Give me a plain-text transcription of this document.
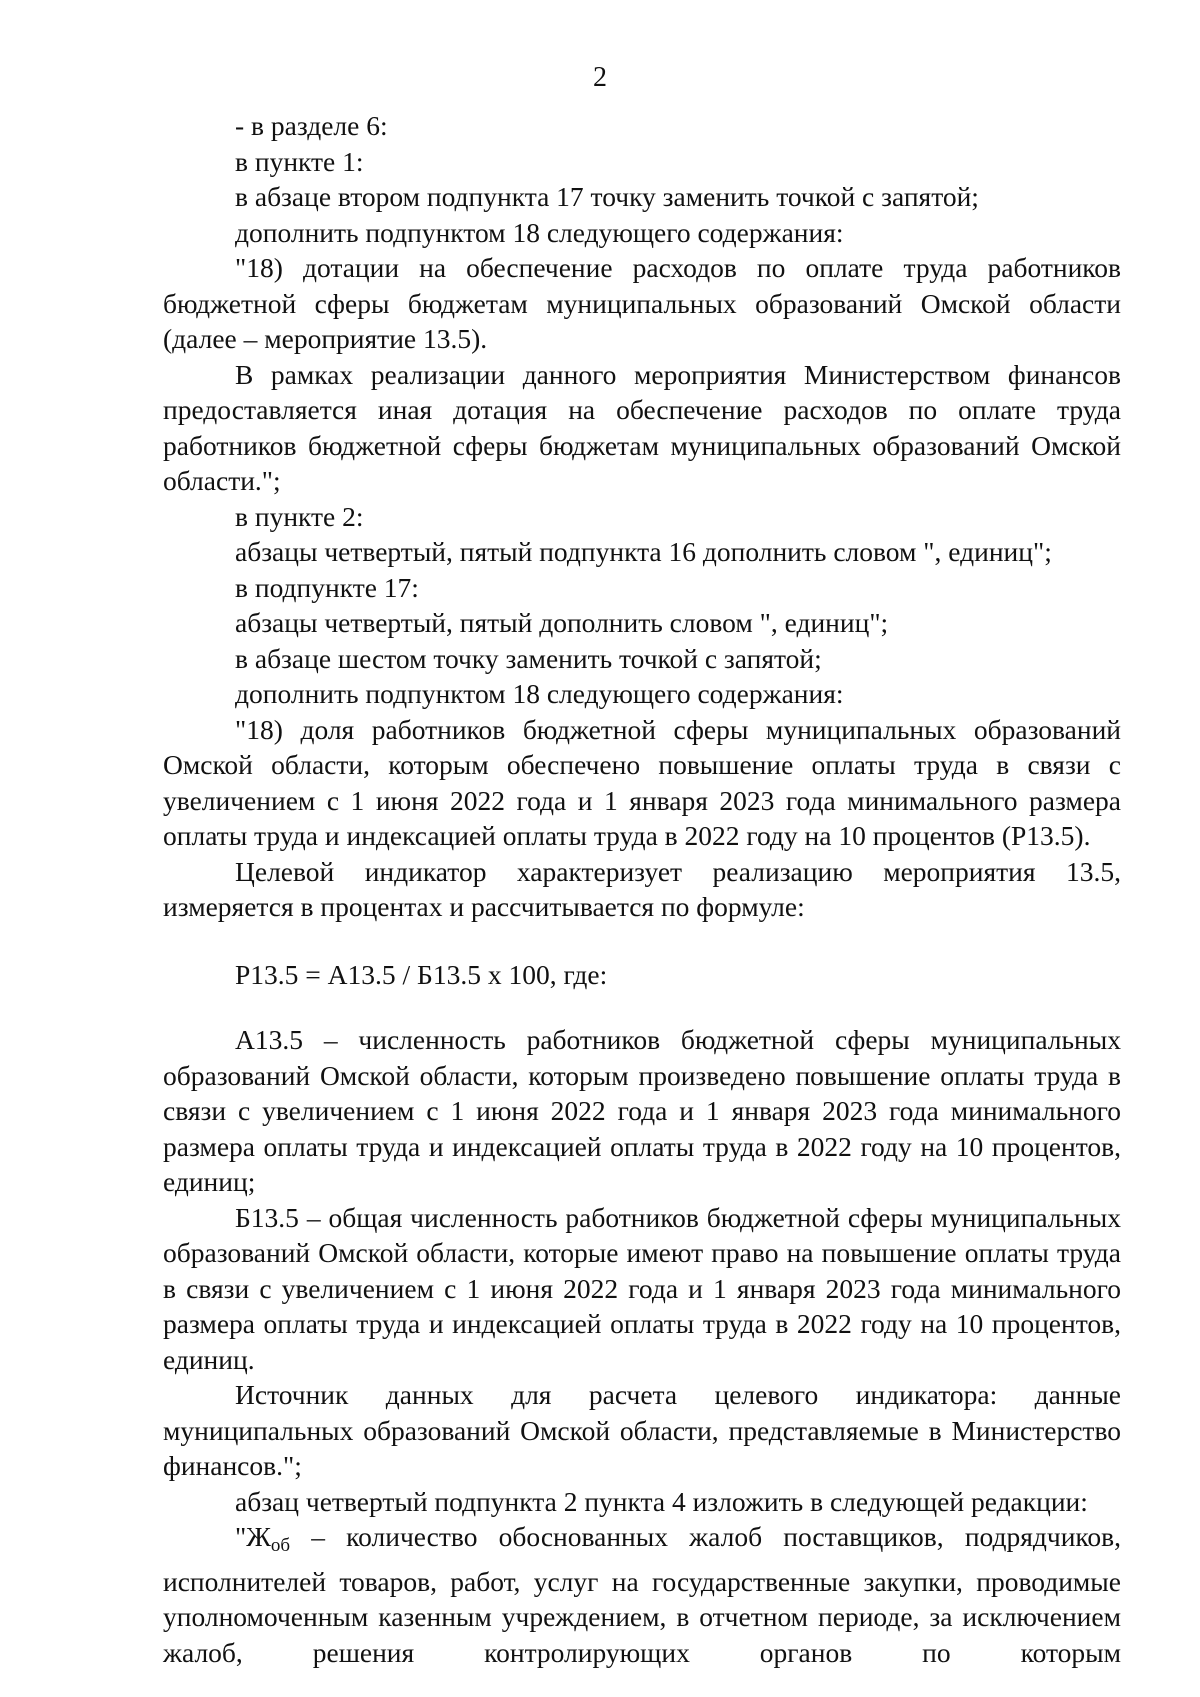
2

- в разделе 6:

в пункте 1:

в абзаце втором подпункта 17 точку заменить точкой с запятой;

дополнить подпунктом 18 следующего содержания:

"18) дотации на обеспечение расходов по оплате труда работников бюджетной сферы бюджетам муниципальных образований Омской области (далее – мероприятие 13.5).

В рамках реализации данного мероприятия Министерством финансов предоставляется иная дотация на обеспечение расходов по оплате труда работников бюджетной сферы бюджетам муниципальных образований Омской области.";

в пункте 2:

абзацы четвертый, пятый подпункта 16 дополнить словом ", единиц";

в подпункте 17:

абзацы четвертый, пятый дополнить словом ", единиц";

в абзаце шестом точку заменить точкой с запятой;

дополнить подпунктом 18 следующего содержания:

"18) доля работников бюджетной сферы муниципальных образований Омской области, которым обеспечено повышение оплаты труда в связи с увеличением с 1 июня 2022 года и 1 января 2023 года минимального размера оплаты труда и индексацией оплаты труда в 2022 году на 10 процентов (Р13.5).

Целевой индикатор характеризует реализацию мероприятия 13.5, измеряется в процентах и рассчитывается по формуле:

Р13.5 = А13.5 / Б13.5 x 100, где:

А13.5 – численность работников бюджетной сферы муниципальных образований Омской области, которым произведено повышение оплаты труда в связи с увеличением с 1 июня 2022 года и 1 января 2023 года минимального размера оплаты труда и индексацией оплаты труда в 2022 году на 10 процентов, единиц;

Б13.5 – общая численность работников бюджетной сферы муниципальных образований Омской области, которые имеют право на повышение оплаты труда в связи с увеличением с 1 июня 2022 года и 1 января 2023 года минимального размера оплаты труда и индексацией оплаты труда в 2022 году на 10 процентов, единиц.

Источник данных для расчета целевого индикатора: данные муниципальных образований Омской области, представляемые в Министерство финансов.";

абзац четвертый подпункта 2 пункта 4 изложить в следующей редакции:

"$Ж_{об}$ – количество обоснованных жалоб поставщиков, подрядчиков, исполнителей товаров, работ, услуг на государственные закупки, проводимые уполномоченным казенным учреждением, в отчетном периоде, за исключением жалоб, решения контролирующих органов по которым
